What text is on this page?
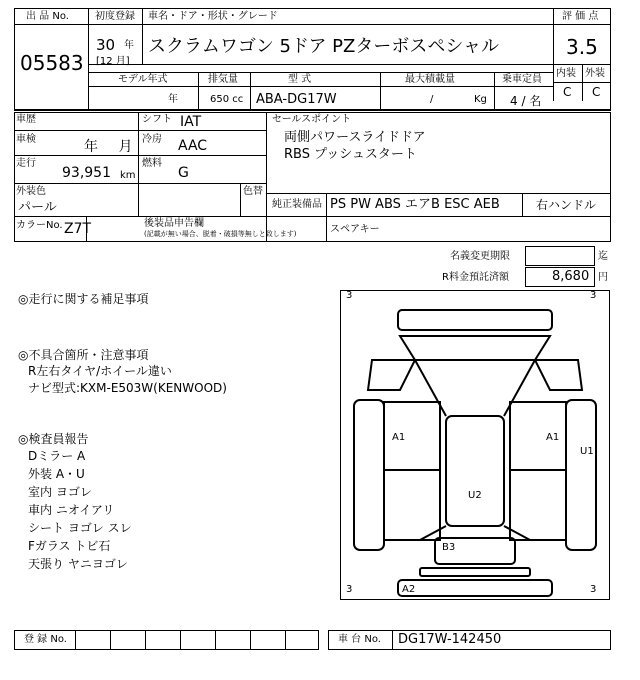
出 品 No.
05583
初度登録
30 年
[12 月]
車名・ドア・形状・グレード
スクラムワゴン 5ドア PZターボスペシャル
評 価 点
3.5
内装 外装
C C
モデル年式
年
排気量
650 cc
型 式
ABA-DG17W
最大積載量
/	Kg
乗車定員
4 / 名
車歴	シフト IAT
車検	年 月 冷房 AAC
走行
93,951 km
燃料
G
セールスポイント
両側パワースライドドア
RBS プッシュスタート
外装色
パール
色替
純正装備品 PS PW ABS エアB ESC AEB	右ハンドル
カラーNo. Z7T	後装品申告欄
(記載が無い場合、脱着・破損等無しと致します)	スペアキー
名義変更期限	迄
R料金預託済額	8,680 円
◎走行に関する補足事項
◎不具合箇所・注意事項
R左右タイヤ/ホイール違い
ナビ型式:KXM-E503W(KENWOOD)
◎検査員報告
Dミラー A
外装 A・U
室内 ヨゴレ
車内 ニオイアリ
シート ヨゴレ スレ
Fガラス トビ石
天張り ヤニヨゴレ
3	3
3	3
A1	A1
U1
U2
B3
A2
登 録 No.	車 台 No. DG17W-142450
